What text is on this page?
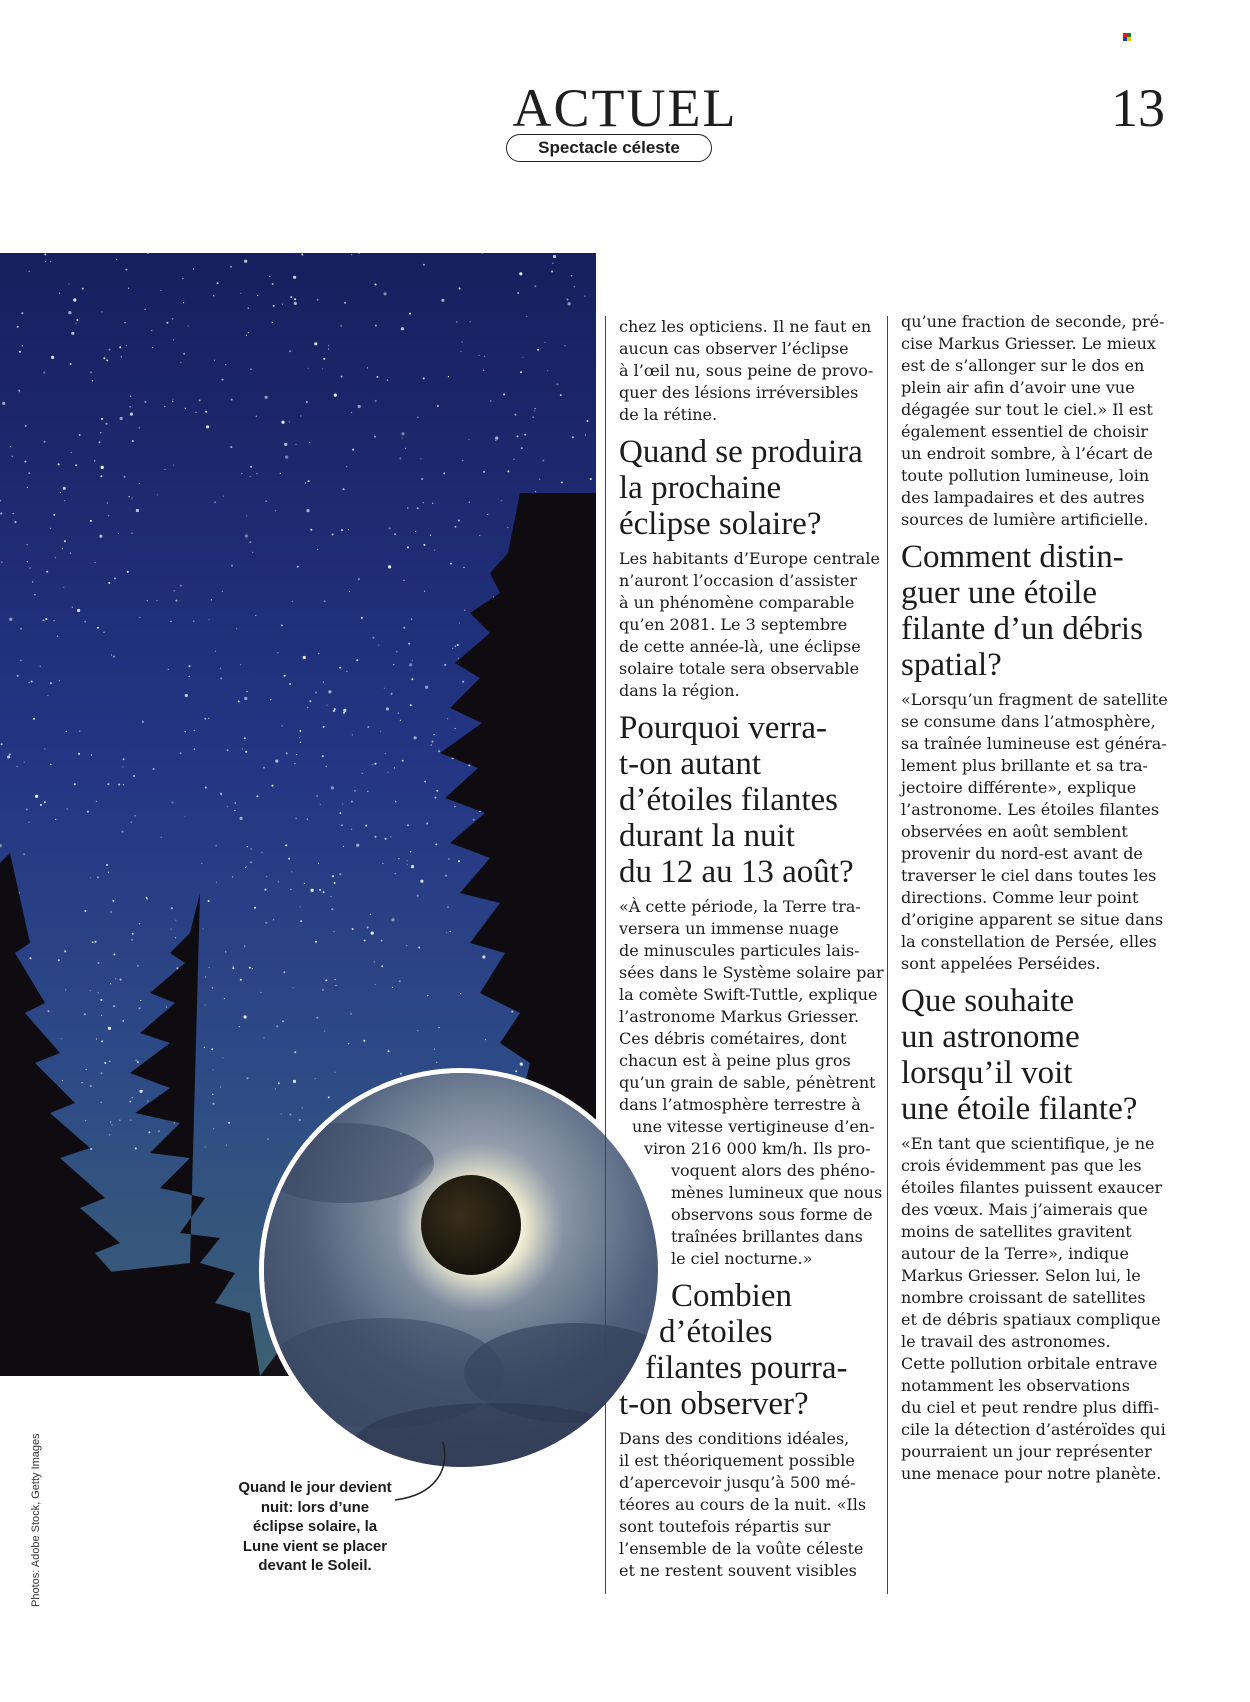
ACTUEL
Spectacle céleste
13
Photos: Adobe Stock, Getty Images	Quand le jour devient
nuit: lors d’une
éclipse solaire, la
Lune vient se placer
devant le Soleil.

chez les opticiens. Il ne faut en
aucun cas observer l’éclipse
à l’œil nu, sous peine de provo-
quer des lésions irréversibles
de la rétine.

Quand se produira
la prochaine
éclipse solaire?

Les habitants d’Europe centrale
n’auront l’occasion d’assister
à un phénomène comparable
qu’en 2081. Le 3 septembre
de cette année-là, une éclipse
solaire totale sera observable
dans la région.

Pourquoi verra-
t-on autant
d’étoiles filantes
durant la nuit
du 12 au 13 août?

«À cette période, la Terre tra-
versera un immense nuage
de minuscules particules lais-
sées dans le Système solaire par
la comète Swift-Tuttle, explique
l’astronome Markus Griesser.
Ces débris cométaires, dont
chacun est à peine plus gros
qu’un grain de sable, pénètrent
dans l’atmosphère terrestre à
une vitesse vertigineuse d’en-
viron 216 000 km/h. Ils pro-
voquent alors des phéno-
mènes lumineux que nous
observons sous forme de
traînées brillantes dans
le ciel nocturne.»

Combien
d’étoiles
filantes pourra-
t-on observer?

Dans des conditions idéales,
il est théoriquement possible
d’apercevoir jusqu’à 500 mé-
téores au cours de la nuit. «Ils
sont toutefois répartis sur
l’ensemble de la voûte céleste
et ne restent souvent visibles

qu’une fraction de seconde, pré-
cise Markus Griesser. Le mieux
est de s’allonger sur le dos en
plein air afin d’avoir une vue
dégagée sur tout le ciel.» Il est
également essentiel de choisir
un endroit sombre, à l’écart de
toute pollution lumineuse, loin
des lampadaires et des autres
sources de lumière artificielle.

Comment distin-
guer une étoile
filante d’un débris
spatial?

«Lorsqu’un fragment de satellite
se consume dans l’atmosphère,
sa traînée lumineuse est généra-
lement plus brillante et sa tra-
jectoire différente», explique
l’astronome. Les étoiles filantes
observées en août semblent
provenir du nord-est avant de
traverser le ciel dans toutes les
directions. Comme leur point
d’origine apparent se situe dans
la constellation de Persée, elles
sont appelées Perséides.

Que souhaite
un astronome
lorsqu’il voit
une étoile filante?

«En tant que scientifique, je ne
crois évidemment pas que les
étoiles filantes puissent exaucer
des vœux. Mais j’aimerais que
moins de satellites gravitent
autour de la Terre», indique
Markus Griesser. Selon lui, le
nombre croissant de satellites
et de débris spatiaux complique
le travail des astronomes.
Cette pollution orbitale entrave
notamment les observations
du ciel et peut rendre plus diffi-
cile la détection d’astéroïdes qui
pourraient un jour représenter
une menace pour notre planète.
